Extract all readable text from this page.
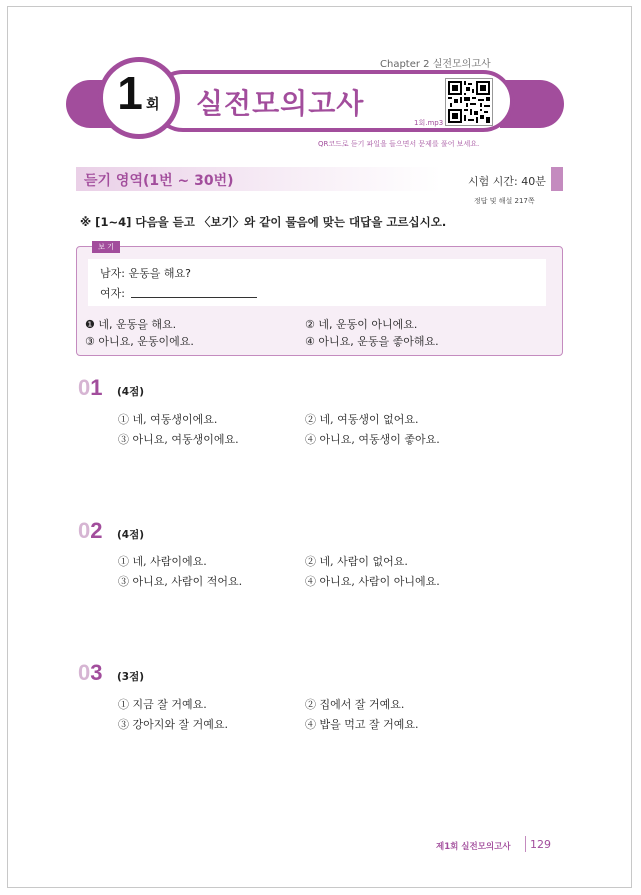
Chapter 2 실전모의고사
1 회 실전모의고사
1회.mp3
QR코드로 듣기 파일을 들으면서 문제를 풀어 보세요.
듣기 영역(1번 ~ 30번)	시험 시간: 40분
정답 및 해설 217쪽
※ [1~4] 다음을 듣고 〈보기〉와 같이 물음에 맞는 대답을 고르십시오.
보 기
남자: 운동을 해요?
여자:
❶ 네, 운동을 해요.	② 네, 운동이 아니에요.
③ 아니요, 운동이에요.	④ 아니요, 운동을 좋아해요.
01 (4점)
① 네, 여동생이에요.	② 네, 여동생이 없어요.
③ 아니요, 여동생이에요.	④ 아니요, 여동생이 좋아요.
02 (4점)
① 네, 사람이에요.	② 네, 사람이 없어요.
③ 아니요, 사람이 적어요.	④ 아니요, 사람이 아니에요.
03 (3점)
① 지금 잘 거예요.	② 집에서 잘 거예요.
③ 강아지와 잘 거예요.	④ 밥을 먹고 잘 거예요.
제1회 실전모의고사 129
